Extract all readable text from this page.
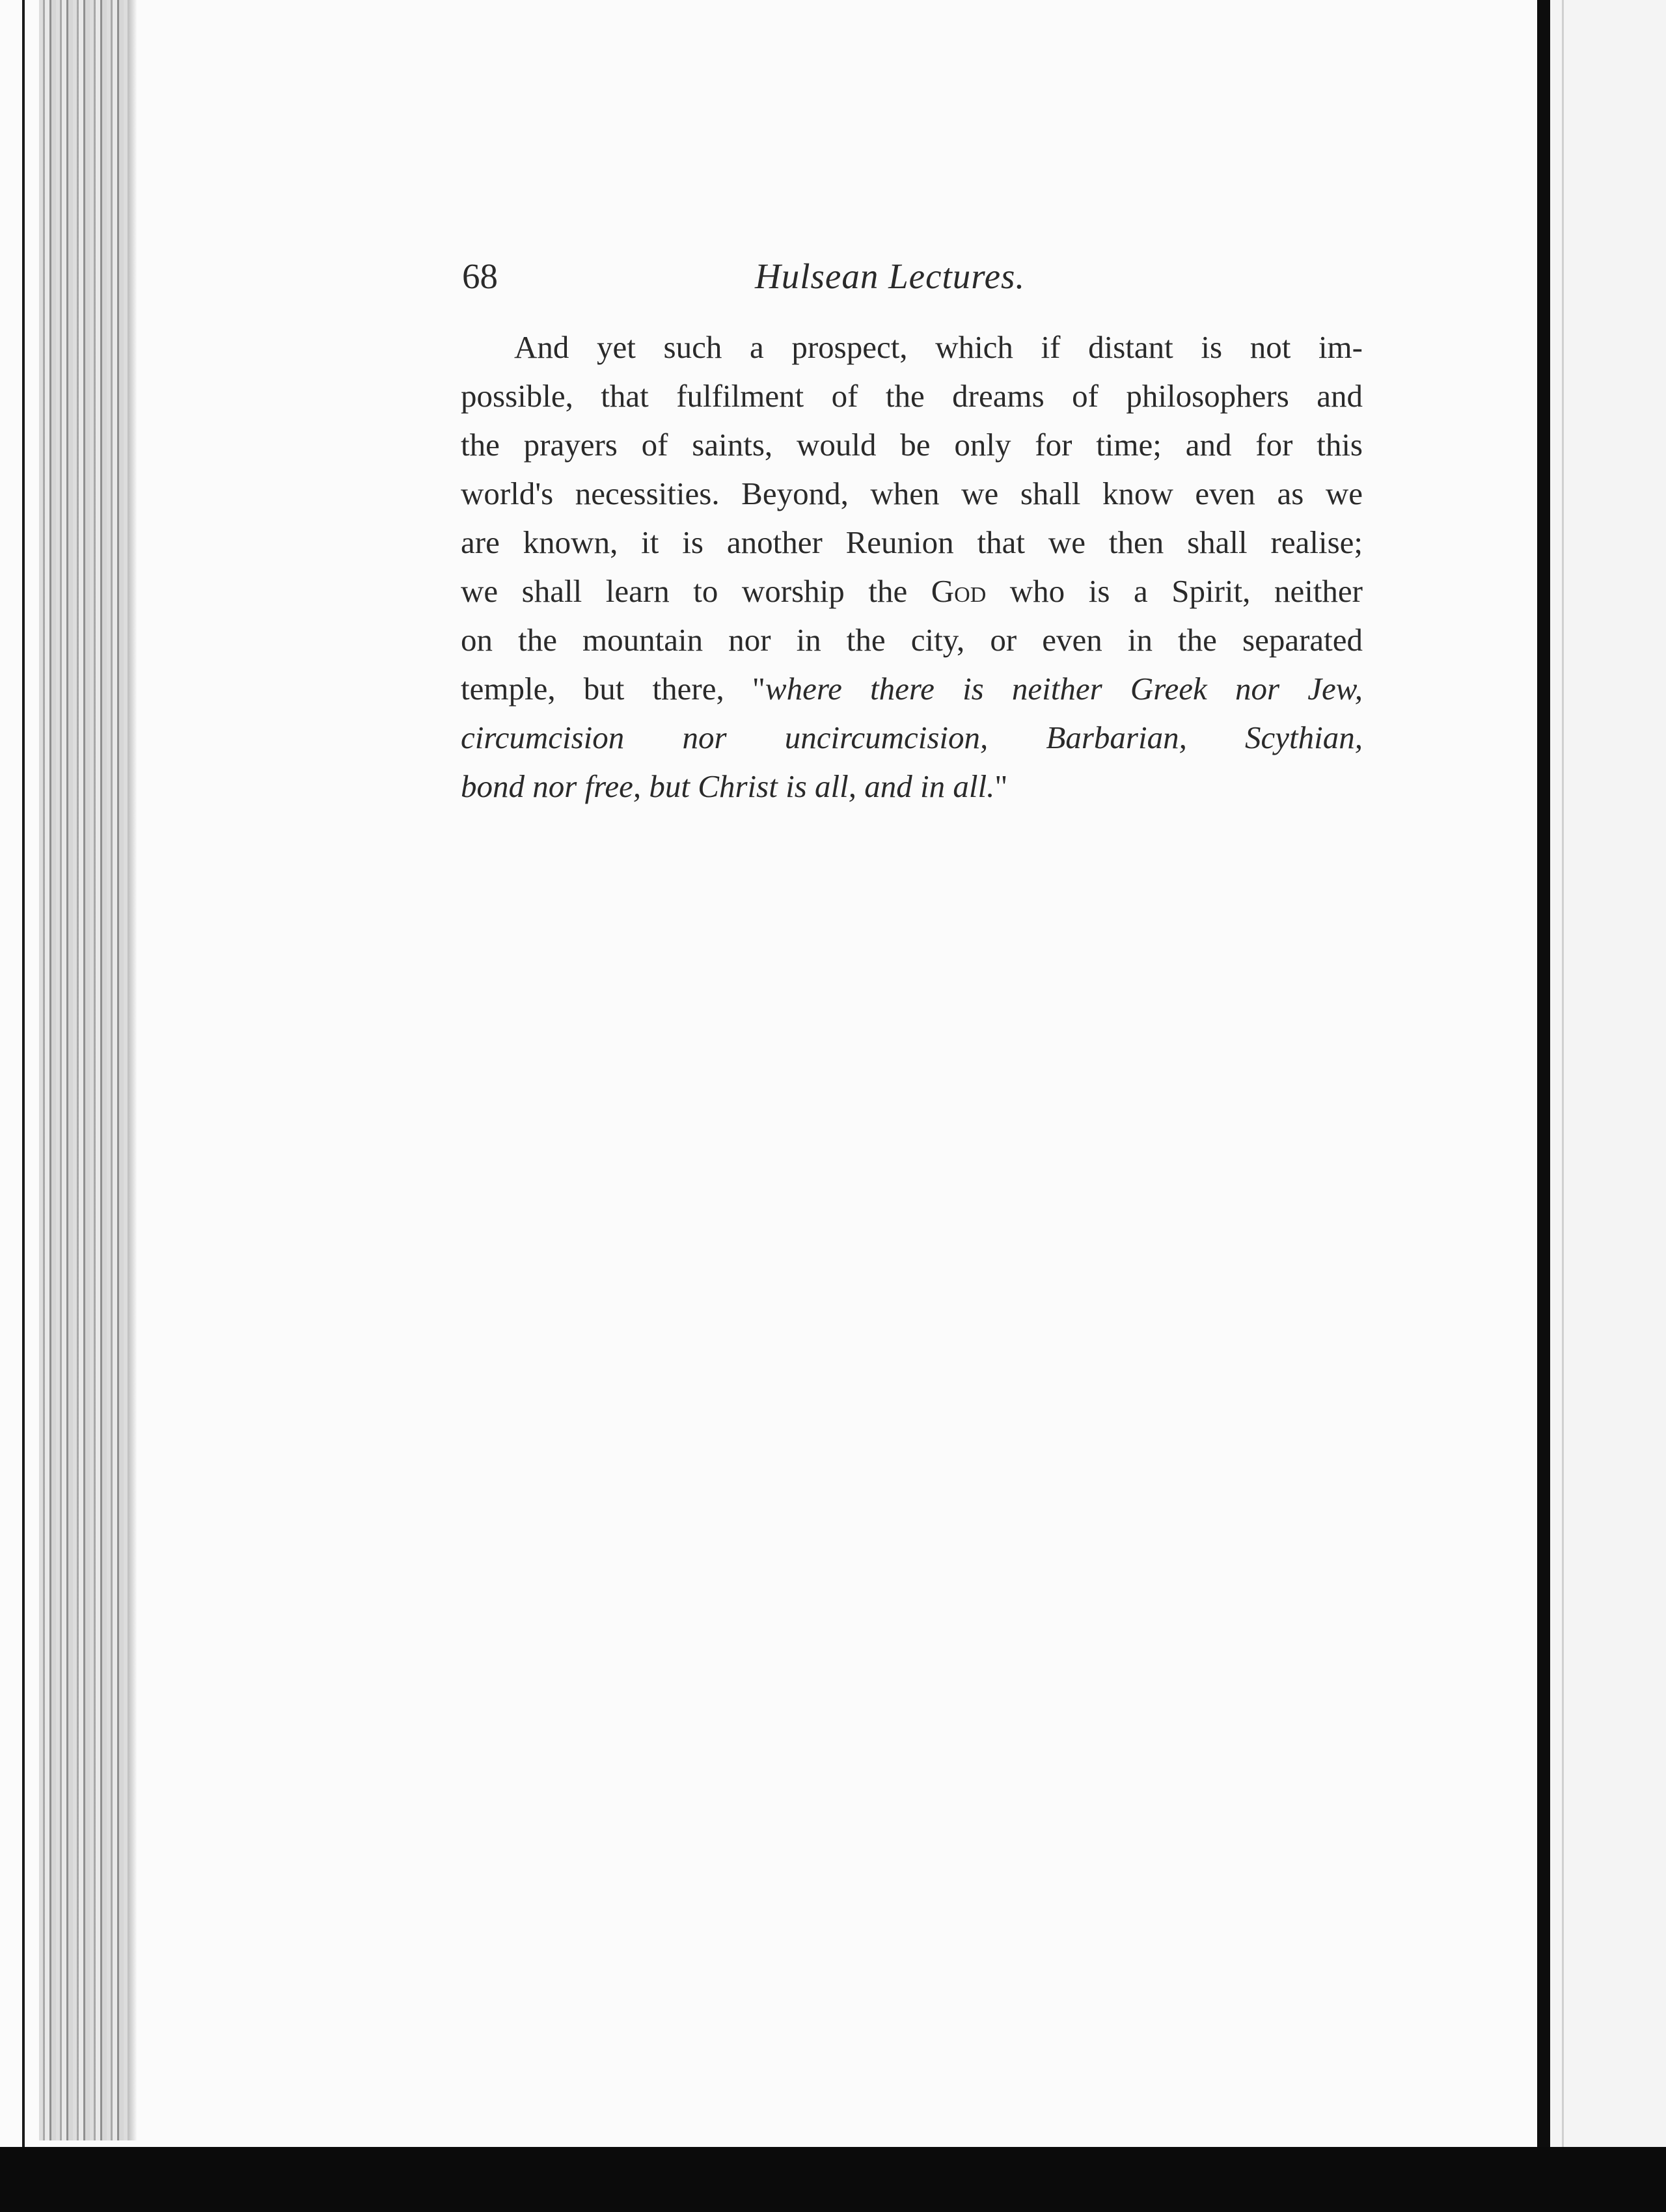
68	Hulsean Lectures.
And yet such a prospect, which if distant is not im-
possible, that fulfilment of the dreams of philosophers and
the prayers of saints, would be only for time; and for this
world's necessities. Beyond, when we shall know even as we
are known, it is another Reunion that we then shall realise;
we shall learn to worship the God who is a Spirit, neither
on the mountain nor in the city, or even in the separated
temple, but there, "where there is neither Greek nor Jew,
circumcision nor uncircumcision, Barbarian, Scythian,
bond nor free, but Christ is all, and in all."
